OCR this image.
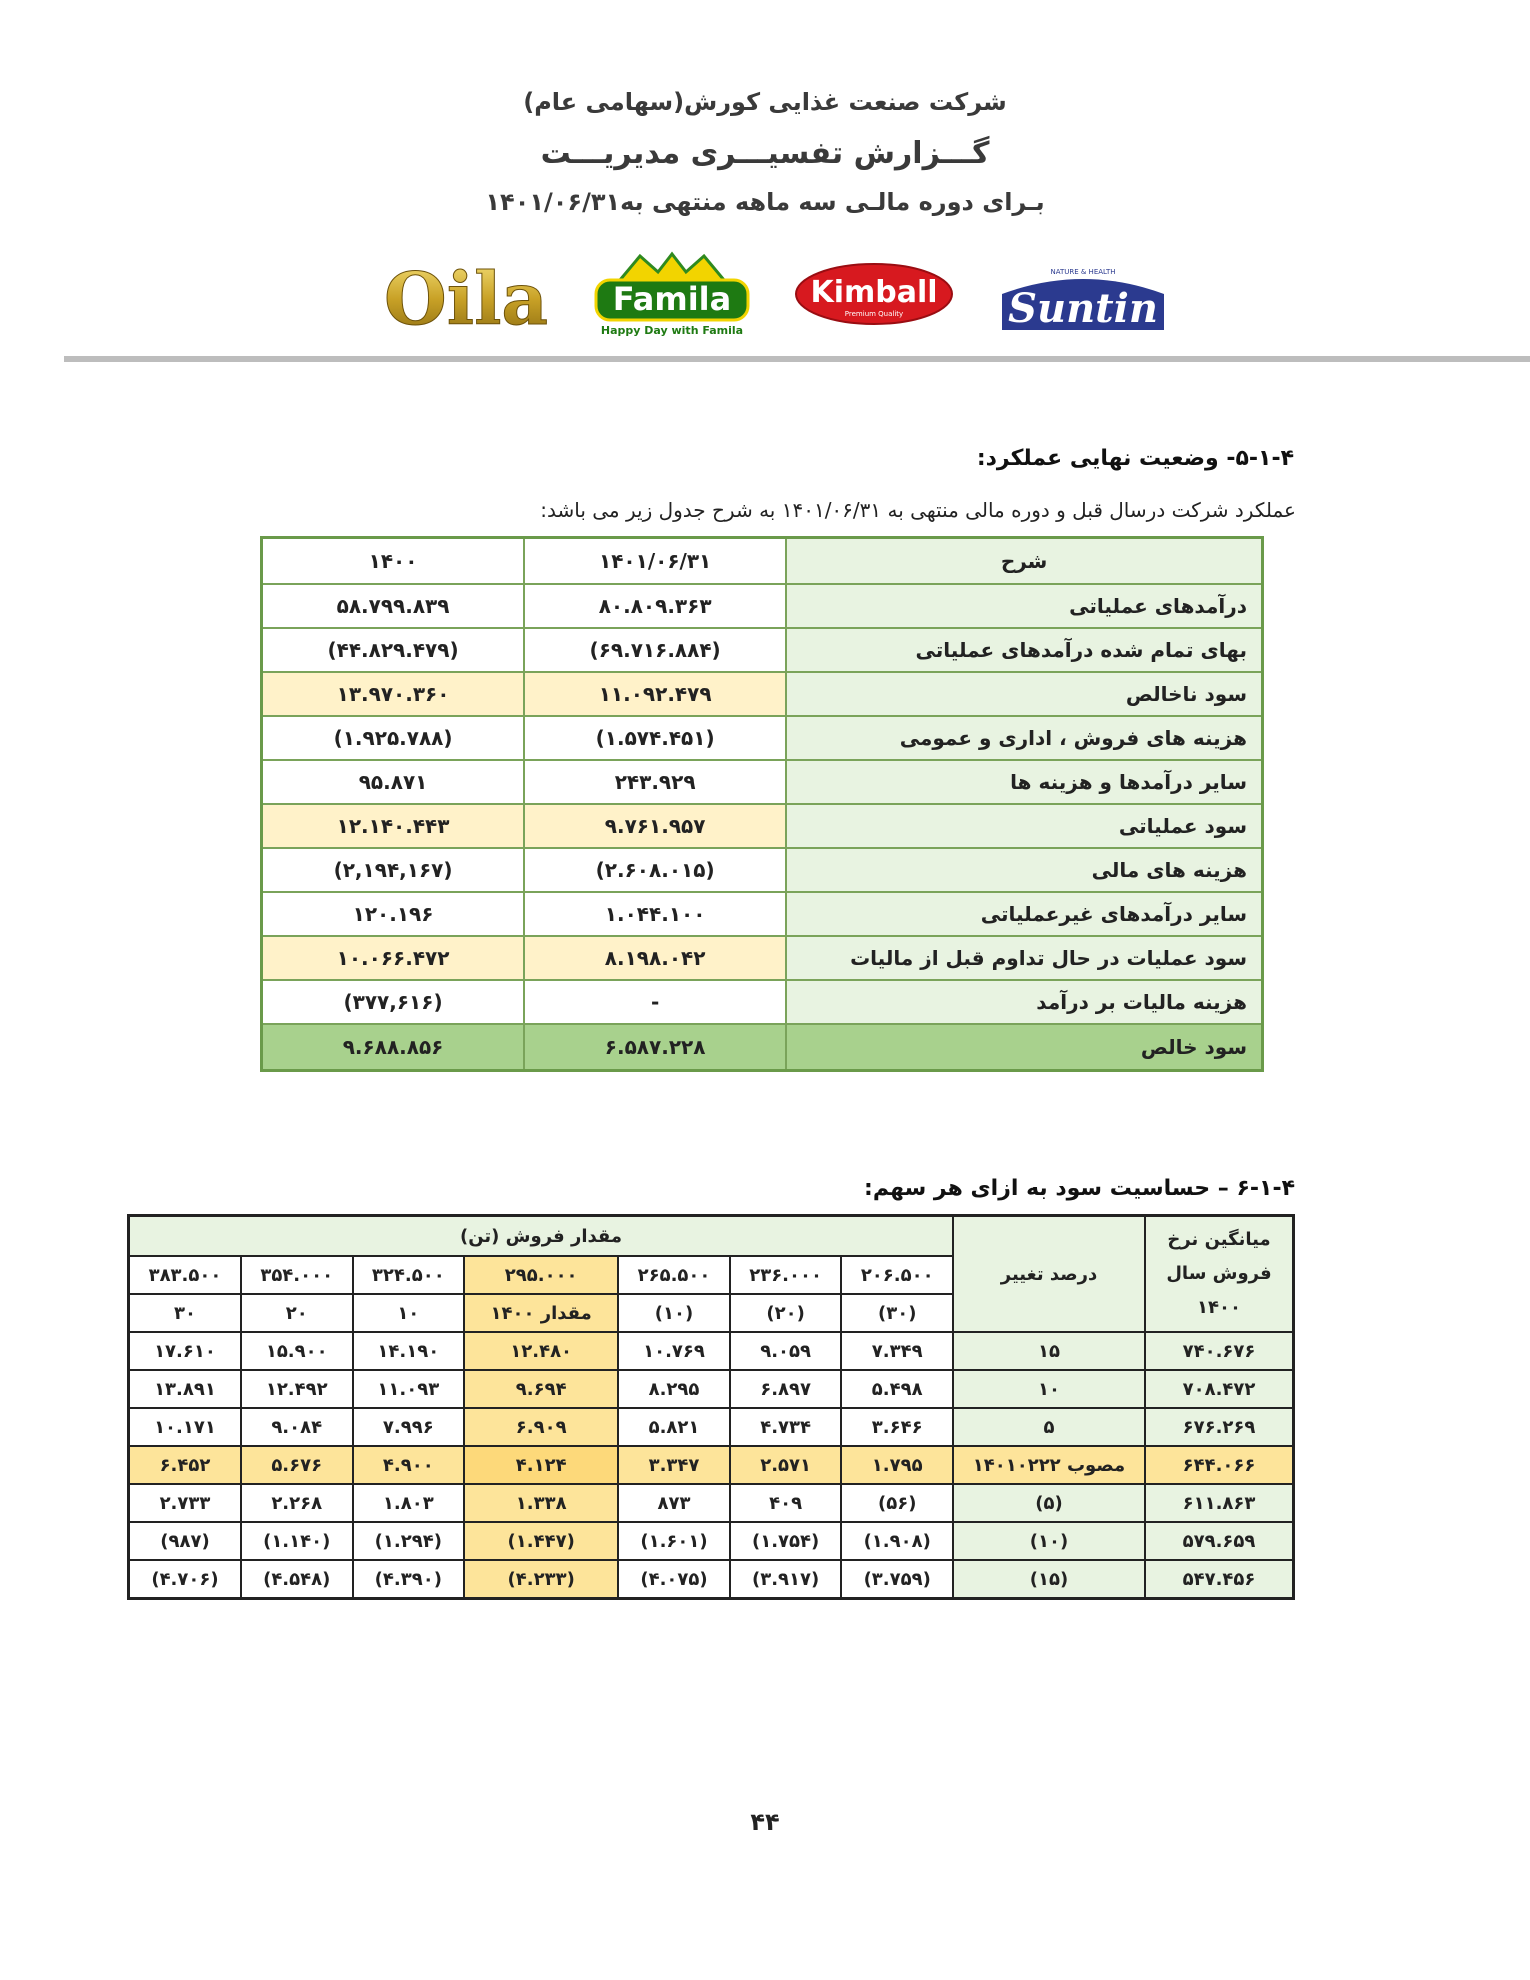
شرکت صنعت غذایی کورش(سهامی عام)
گـــزارش تفسیـــری مدیریـــت
بـرای دوره مالـی سه ماهه منتهی به۱۴۰۱/۰۶/۳۱
Oila Famila
Happy Day with Famila
Kimball
Premium Quality
NATURE & HEALTH
Suntin
۵-۱-۴- وضعیت نهایی عملکرد:
عملکرد شرکت درسال قبل و دوره مالی منتهی به ۱۴۰۱/۰۶/۳۱ به شرح جدول زیر می باشد:
شرح	۱۴۰۱/۰۶/۳۱	۱۴۰۰
درآمدهای عملیاتی	۸۰.۸۰۹.۳۶۳	۵۸.۷۹۹.۸۳۹
بهای تمام شده درآمدهای عملیاتی	(۶۹.۷۱۶.۸۸۴)	(۴۴.۸۲۹.۴۷۹)
سود ناخالص	۱۱.۰۹۲.۴۷۹	۱۳.۹۷۰.۳۶۰
هزینه های فروش ، اداری و عمومی	(۱.۵۷۴.۴۵۱)	(۱.۹۲۵.۷۸۸)
سایر درآمدها و هزینه ها	۲۴۳.۹۲۹	۹۵.۸۷۱
سود عملیاتی	۹.۷۶۱.۹۵۷	۱۲.۱۴۰.۴۴۳
هزینه های مالی	(۲.۶۰۸.۰۱۵)	(۲,۱۹۴,۱۶۷)
سایر درآمدهای غیرعملیاتی	۱.۰۴۴.۱۰۰	۱۲۰.۱۹۶
سود عملیات در حال تداوم قبل از مالیات	۸.۱۹۸.۰۴۲	۱۰.۰۶۶.۴۷۲
هزینه مالیات بر درآمد	-	(۳۷۷,۶۱۶)
سود خالص	۶.۵۸۷.۲۲۸	۹.۶۸۸.۸۵۶
۶-۱-۴ – حساسیت سود به ازای هر سهم:
میانگین نرخ فروش سال ۱۴۰۰	درصد تغییر	مقدار فروش (تن)						
		۲۰۶.۵۰۰	۲۳۶.۰۰۰	۲۶۵.۵۰۰	۲۹۵.۰۰۰	۳۲۴.۵۰۰	۳۵۴.۰۰۰	۳۸۳.۵۰۰
		(۳۰)	(۲۰)	(۱۰)	مقدار ۱۴۰۰	۱۰	۲۰	۳۰
۷۴۰.۶۷۶	۱۵	۷.۳۴۹	۹.۰۵۹	۱۰.۷۶۹	۱۲.۴۸۰	۱۴.۱۹۰	۱۵.۹۰۰	۱۷.۶۱۰
۷۰۸.۴۷۲	۱۰	۵.۴۹۸	۶.۸۹۷	۸.۲۹۵	۹.۶۹۴	۱۱.۰۹۳	۱۲.۴۹۲	۱۳.۸۹۱
۶۷۶.۲۶۹	۵	۳.۶۴۶	۴.۷۳۴	۵.۸۲۱	۶.۹۰۹	۷.۹۹۶	۹.۰۸۴	۱۰.۱۷۱
۶۴۴.۰۶۶	مصوب ۱۴۰۱۰۲۲۲	۱.۷۹۵	۲.۵۷۱	۳.۳۴۷	۴.۱۲۴	۴.۹۰۰	۵.۶۷۶	۶.۴۵۲
۶۱۱.۸۶۳	(۵)	(۵۶)	۴۰۹	۸۷۳	۱.۳۳۸	۱.۸۰۳	۲.۲۶۸	۲.۷۳۳
۵۷۹.۶۵۹	(۱۰)	(۱.۹۰۸)	(۱.۷۵۴)	(۱.۶۰۱)	(۱.۴۴۷)	(۱.۲۹۴)	(۱.۱۴۰)	(۹۸۷)
۵۴۷.۴۵۶	(۱۵)	(۳.۷۵۹)	(۳.۹۱۷)	(۴.۰۷۵)	(۴.۲۳۳)	(۴.۳۹۰)	(۴.۵۴۸)	(۴.۷۰۶)
۴۴
